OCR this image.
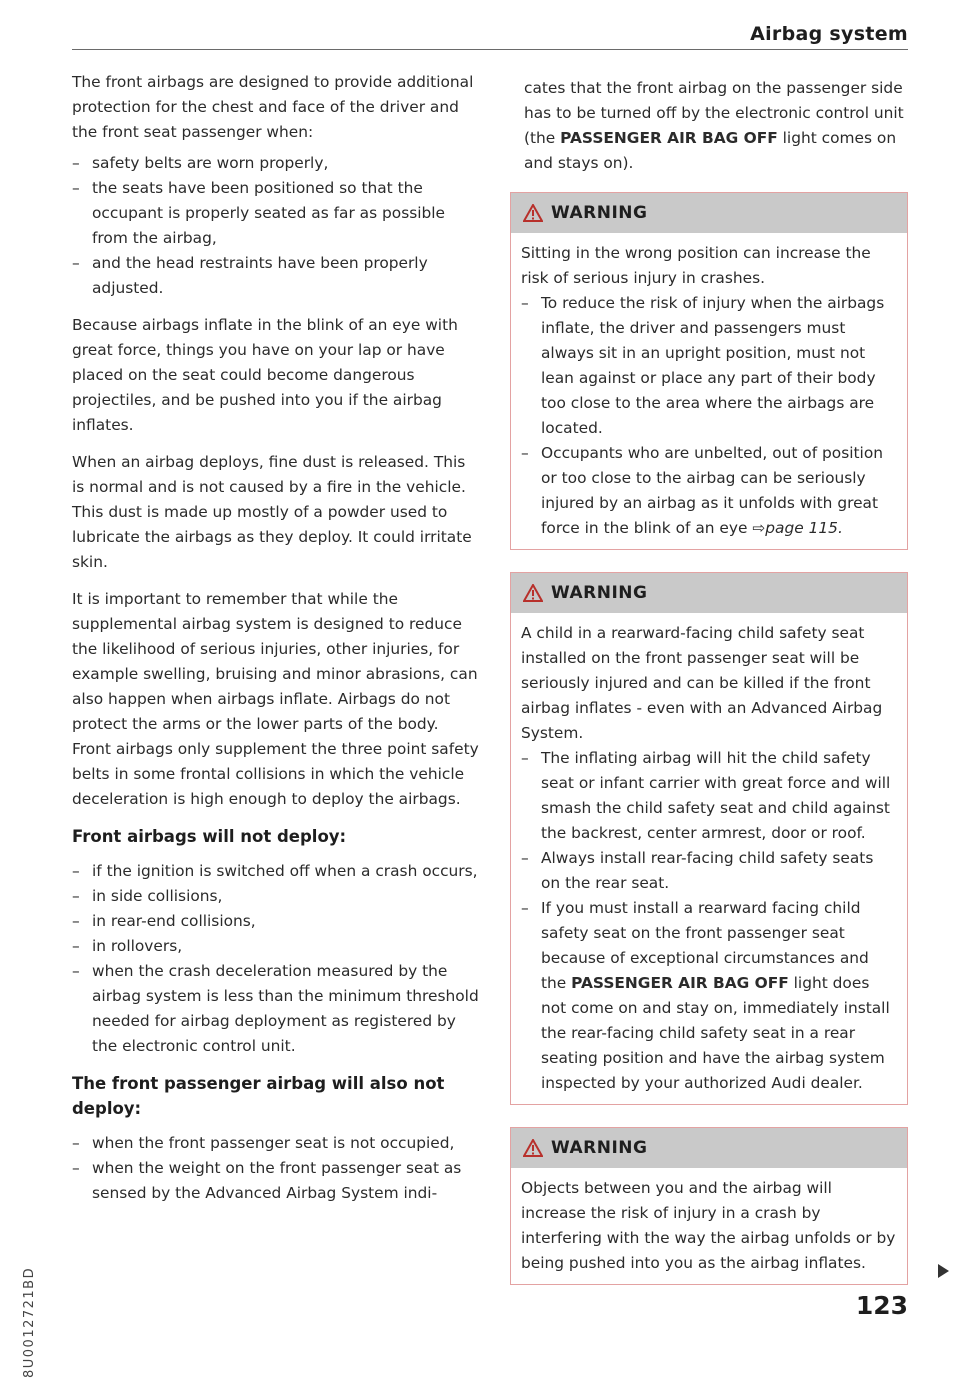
Airbag system

The front airbags are designed to provide additional protection for the chest and face of the driver and the front seat passenger when:

– safety belts are worn properly,

– the seats have been positioned so that the occupant is properly seated as far as possible from the airbag,

– and the head restraints have been properly adjusted.

Because airbags inflate in the blink of an eye with great force, things you have on your lap or have placed on the seat could become dangerous projectiles, and be pushed into you if the airbag inflates.

When an airbag deploys, fine dust is released. This is normal and is not caused by a fire in the vehicle. This dust is made up mostly of a powder used to lubricate the airbags as they deploy. It could irritate skin.

It is important to remember that while the supplemental airbag system is designed to reduce the likelihood of serious injuries, other injuries, for example swelling, bruising and minor abrasions, can also happen when airbags inflate. Airbags do not protect the arms or the lower parts of the body. Front airbags only supplement the three point safety belts in some frontal collisions in which the vehicle deceleration is high enough to deploy the airbags.

Front airbags will not deploy:

– if the ignition is switched off when a crash occurs,

– in side collisions,

– in rear-end collisions,

– in rollovers,

– when the crash deceleration measured by the airbag system is less than the minimum threshold needed for airbag deployment as registered by the electronic control unit.

The front passenger airbag will also not deploy:

– when the front passenger seat is not occupied,

– when the weight on the front passenger seat as sensed by the Advanced Airbag System indi-

cates that the front airbag on the passenger side has to be turned off by the electronic control unit (the PASSENGER AIR BAG OFF light comes on and stays on).

WARNING

Sitting in the wrong position can increase the risk of serious injury in crashes.

– To reduce the risk of injury when the airbags inflate, the driver and passengers must always sit in an upright position, must not lean against or place any part of their body too close to the area where the airbags are located.

– Occupants who are unbelted, out of position or too close to the airbag can be seriously injured by an airbag as it unfolds with great force in the blink of an eye ⇨page 115.

WARNING

A child in a rearward-facing child safety seat installed on the front passenger seat will be seriously injured and can be killed if the front airbag inflates - even with an Advanced Airbag System.

– The inflating airbag will hit the child safety seat or infant carrier with great force and will smash the child safety seat and child against the backrest, center armrest, door or roof.

– Always install rear-facing child safety seats on the rear seat.

– If you must install a rearward facing child safety seat on the front passenger seat because of exceptional circumstances and the PASSENGER AIR BAG OFF light does not come on and stay on, immediately install the rear-facing child safety seat in a rear seating position and have the airbag system inspected by your authorized Audi dealer.

WARNING

Objects between you and the airbag will increase the risk of injury in a crash by interfering with the way the airbag unfolds or by being pushed into you as the airbag inflates.

8U0012721BD	123
